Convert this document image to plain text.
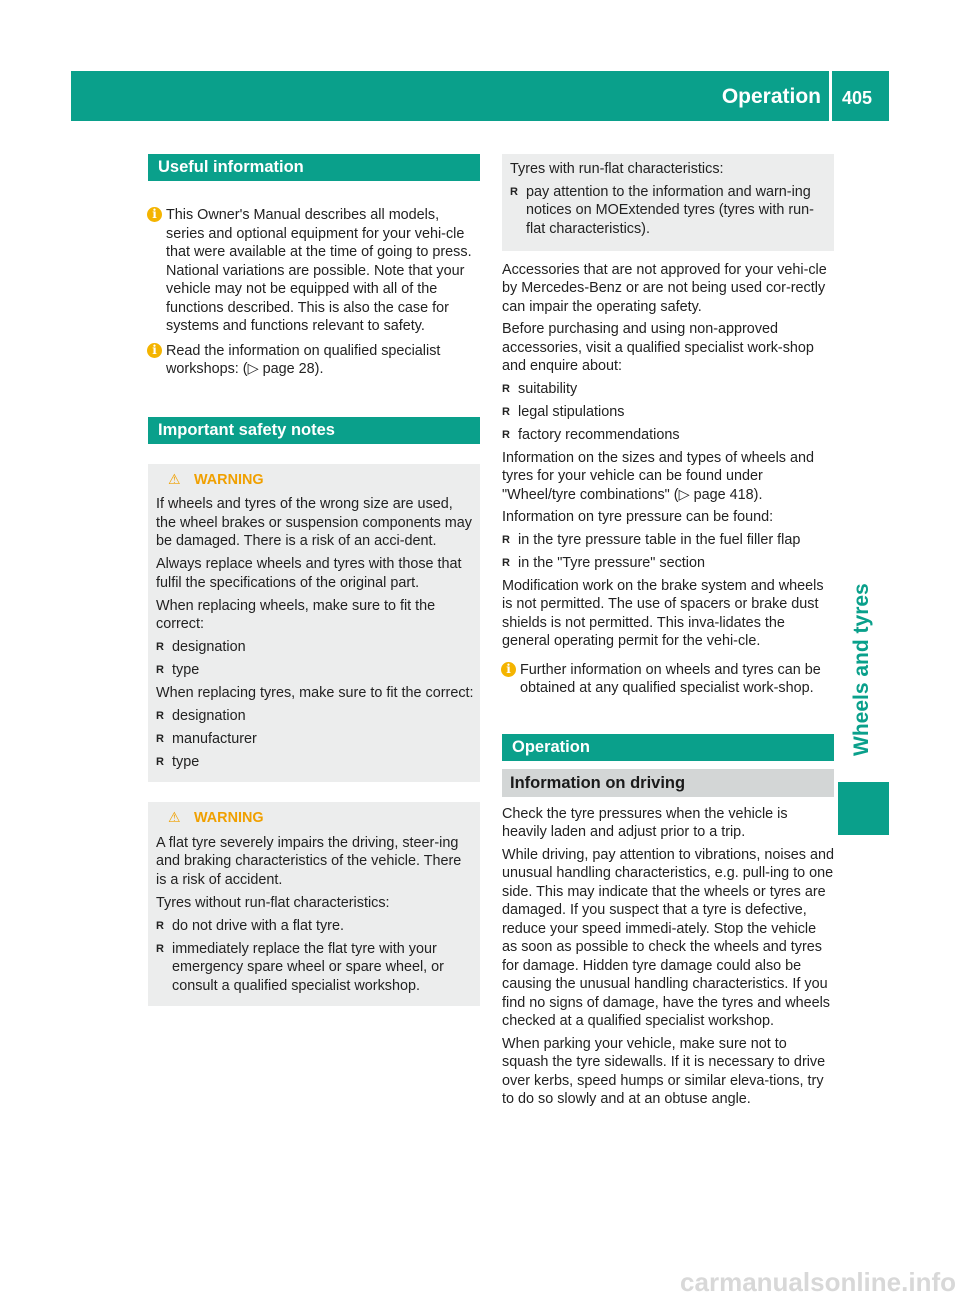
Operation 405
Wheels and tyres
Useful information
i This Owner's Manual describes all models, series and optional equipment for your vehi-cle that were available at the time of going to press. National variations are possible. Note that your vehicle may not be equipped with all of the functions described. This is also the case for systems and functions relevant to safety.
i Read the information on qualified specialist workshops: (▷ page 28).
Important safety notes
⚠ WARNING

If wheels and tyres of the wrong size are used, the wheel brakes or suspension components may be damaged. There is a risk of an acci-dent.

Always replace wheels and tyres with those that fulfil the specifications of the original part.

When replacing wheels, make sure to fit the correct:

R designation
R type

When replacing tyres, make sure to fit the correct:

R designation
R manufacturer
R type
⚠ WARNING

A flat tyre severely impairs the driving, steer-ing and braking characteristics of the vehicle. There is a risk of accident.

Tyres without run-flat characteristics:

R do not drive with a flat tyre.
R immediately replace the flat tyre with your emergency spare wheel or spare wheel, or consult a qualified specialist workshop.

Tyres with run-flat characteristics:

R pay attention to the information and warn-ing notices on MOExtended tyres (tyres with run-flat characteristics).

Accessories that are not approved for your vehi-cle by Mercedes-Benz or are not being used cor-rectly can impair the operating safety.

Before purchasing and using non-approved accessories, visit a qualified specialist work-shop and enquire about:

R suitability
R legal stipulations
R factory recommendations

Information on the sizes and types of wheels and tyres for your vehicle can be found under "Wheel/tyre combinations" (▷ page 418).

Information on tyre pressure can be found:

R in the tyre pressure table in the fuel filler flap
R in the "Tyre pressure" section

Modification work on the brake system and wheels is not permitted. The use of spacers or brake dust shields is not permitted. This inva-lidates the general operating permit for the vehi-cle.

i Further information on wheels and tyres can be obtained at any qualified specialist work-shop.
Operation
Information on driving

Check the tyre pressures when the vehicle is heavily laden and adjust prior to a trip.

While driving, pay attention to vibrations, noises and unusual handling characteristics, e.g. pull-ing to one side. This may indicate that the wheels or tyres are damaged. If you suspect that a tyre is defective, reduce your speed immedi-ately. Stop the vehicle as soon as possible to check the wheels and tyres for damage. Hidden tyre damage could also be causing the unusual handling characteristics. If you find no signs of damage, have the tyres and wheels checked at a qualified specialist workshop.

When parking your vehicle, make sure not to squash the tyre sidewalls. If it is necessary to drive over kerbs, speed humps or similar eleva-tions, try to do so slowly and at an obtuse angle.

carmanualsonline.info
